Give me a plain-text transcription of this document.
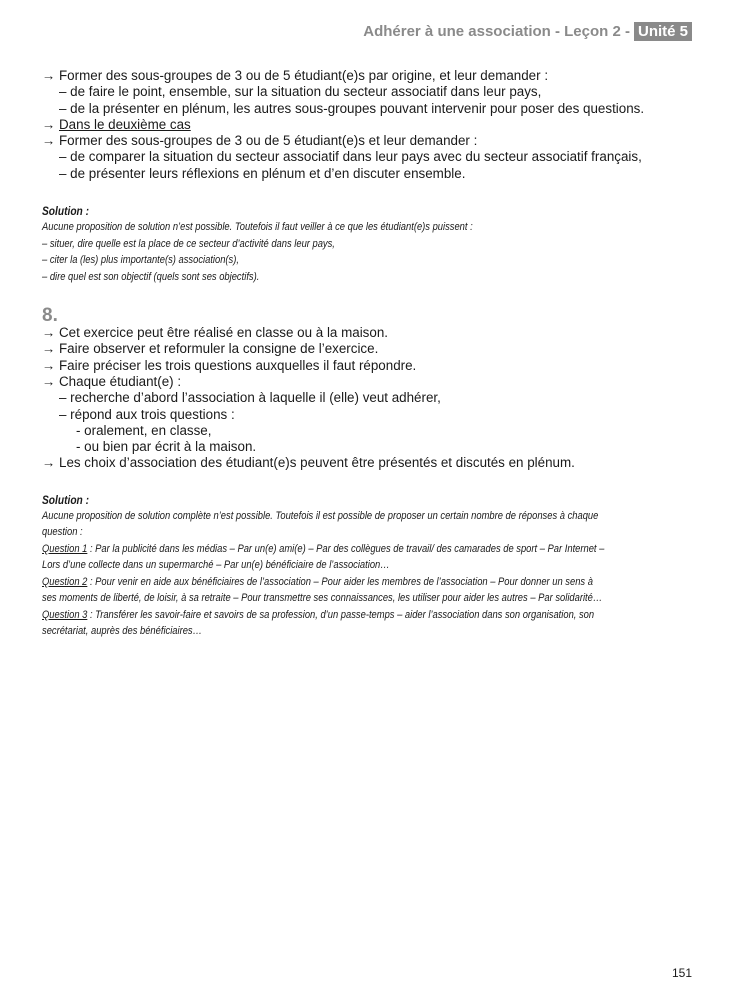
Adhérer à une association - Leçon 2 - Unité 5
→ Former des sous-groupes de 3 ou de 5 étudiant(e)s par origine, et leur demander :
– de faire le point, ensemble, sur la situation du secteur associatif dans leur pays,
– de la présenter en plénum, les autres sous-groupes pouvant intervenir pour poser des questions.
→ Dans le deuxième cas
→ Former des sous-groupes de 3 ou de 5 étudiant(e)s et leur demander :
– de comparer la situation du secteur associatif dans leur pays avec du secteur associatif français,
– de présenter leurs réflexions en plénum et d’en discuter ensemble.
Solution :
Aucune proposition de solution n’est possible. Toutefois il faut veiller à ce que les étudiant(e)s puissent :
– situer, dire quelle est la place de ce secteur d’activité dans leur pays,
– citer la (les) plus importante(s) association(s),
– dire quel est son objectif (quels sont ses objectifs).
8.
→ Cet exercice peut être réalisé en classe ou à la maison.
→ Faire observer et reformuler la consigne de l’exercice.
→ Faire préciser les trois questions auxquelles il faut répondre.
→ Chaque étudiant(e) :
– recherche d’abord l’association à laquelle il (elle) veut adhérer,
– répond aux trois questions :
- oralement, en classe,
- ou bien par écrit à la maison.
→ Les choix d’association des étudiant(e)s peuvent être présentés et discutés en plénum.
Solution :
Aucune proposition de solution complète n’est possible. Toutefois il est possible de proposer un certain nombre de réponses à chaque
question :
Question 1 : Par la publicité dans les médias – Par un(e) ami(e) – Par des collègues de travail/ des camarades de sport – Par Internet –
Lors d’une collecte dans un supermarché – Par un(e) bénéficiaire de l’association…
Question 2 : Pour venir en aide aux bénéficiaires de l’association – Pour aider les membres de l’association – Pour donner un sens à
ses moments de liberté, de loisir, à sa retraite – Pour transmettre ses connaissances, les utiliser pour aider les autres – Par solidarité…
Question 3 : Transférer les savoir-faire et savoirs de sa profession, d’un passe-temps – aider l’association dans son organisation, son
secrétariat, auprès des bénéficiaires…
151
